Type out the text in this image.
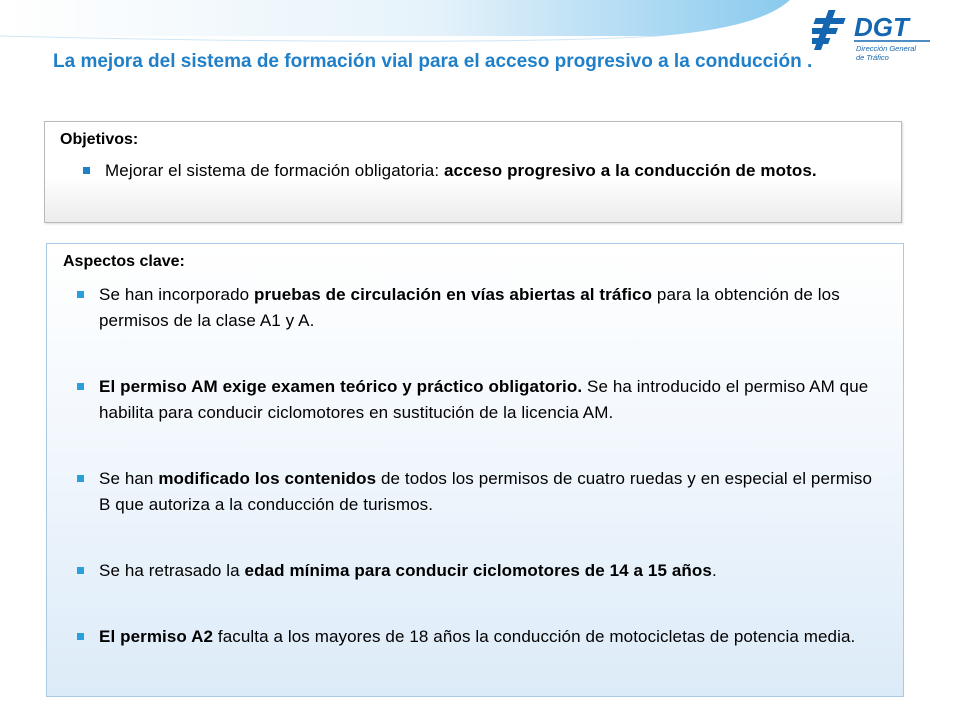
DGT
Dirección General
de Tráfico
La mejora del sistema de formación vial para el acceso progresivo a la conducción .
Objetivos:
Mejorar el sistema de formación obligatoria: acceso progresivo a la conducción de motos.
Aspectos clave:
Se han incorporado pruebas de circulación en vías abiertas al tráfico para la obtención de los permisos de la clase A1 y A.
El permiso AM exige examen teórico y práctico obligatorio. Se ha introducido el permiso AM que habilita para conducir ciclomotores en sustitución de la licencia AM.
Se han modificado los contenidos de todos los permisos de cuatro ruedas y en especial el permiso B que autoriza a la conducción de turismos.
Se ha retrasado la edad mínima para conducir ciclomotores de 14 a 15 años.
El permiso A2 faculta a los mayores de 18 años la conducción de motocicletas de potencia media.
